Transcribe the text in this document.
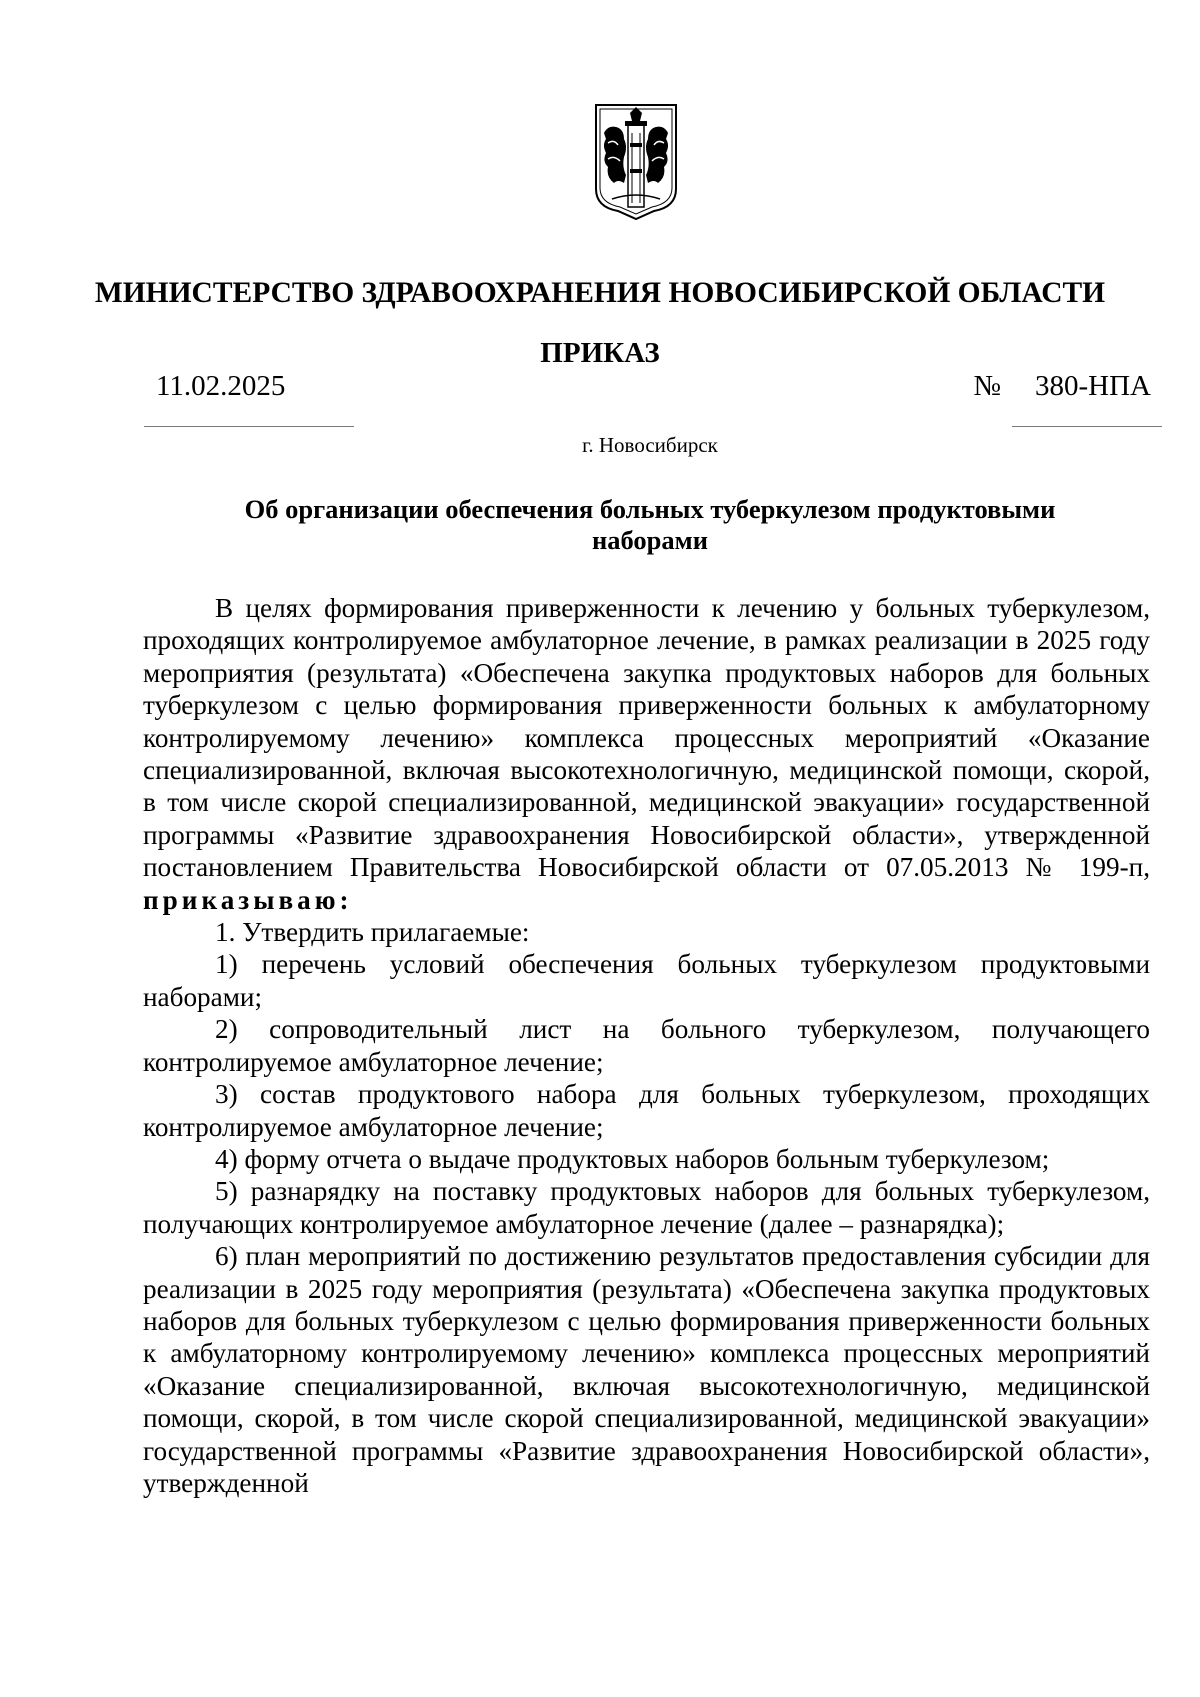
МИНИСТЕРСТВО ЗДРАВООХРАНЕНИЯ НОВОСИБИРСКОЙ ОБЛАСТИ
ПРИКАЗ
11.02.2025	№ 380-НПА
г. Новосибирск
Об организации обеспечения больных туберкулезом продуктовыми наборами

В целях формирования приверженности к лечению у больных туберкулезом, проходящих контролируемое амбулаторное лечение, в рамках реализации в 2025 году мероприятия (результата) «Обеспечена закупка продуктовых наборов для больных туберкулезом с целью формирования приверженности больных к амбулаторному контролируемому лечению» комплекса процессных мероприятий «Оказание специализированной, включая высокотехнологичную, медицинской помощи, скорой, в том числе скорой специализированной, медицинской эвакуации» государственной программы «Развитие здравоохранения Новосибирской области», утвержденной постановлением Правительства Новосибирской области от 07.05.2013 № 199-п, приказываю:

1. Утвердить прилагаемые:

1) перечень условий обеспечения больных туберкулезом продуктовыми наборами;

2) сопроводительный лист на больного туберкулезом, получающего контролируемое амбулаторное лечение;

3) состав продуктового набора для больных туберкулезом, проходящих контролируемое амбулаторное лечение;

4) форму отчета о выдаче продуктовых наборов больным туберкулезом;

5) разнарядку на поставку продуктовых наборов для больных туберкулезом, получающих контролируемое амбулаторное лечение (далее – разнарядка);

6) план мероприятий по достижению результатов предоставления субсидии для реализации в 2025 году мероприятия (результата) «Обеспечена закупка продуктовых наборов для больных туберкулезом с целью формирования приверженности больных к амбулаторному контролируемому лечению» комплекса процессных мероприятий «Оказание специализированной, включая высокотехнологичную, медицинской помощи, скорой, в том числе скорой специализированной, медицинской эвакуации» государственной программы «Развитие здравоохранения Новосибирской области», утвержденной
